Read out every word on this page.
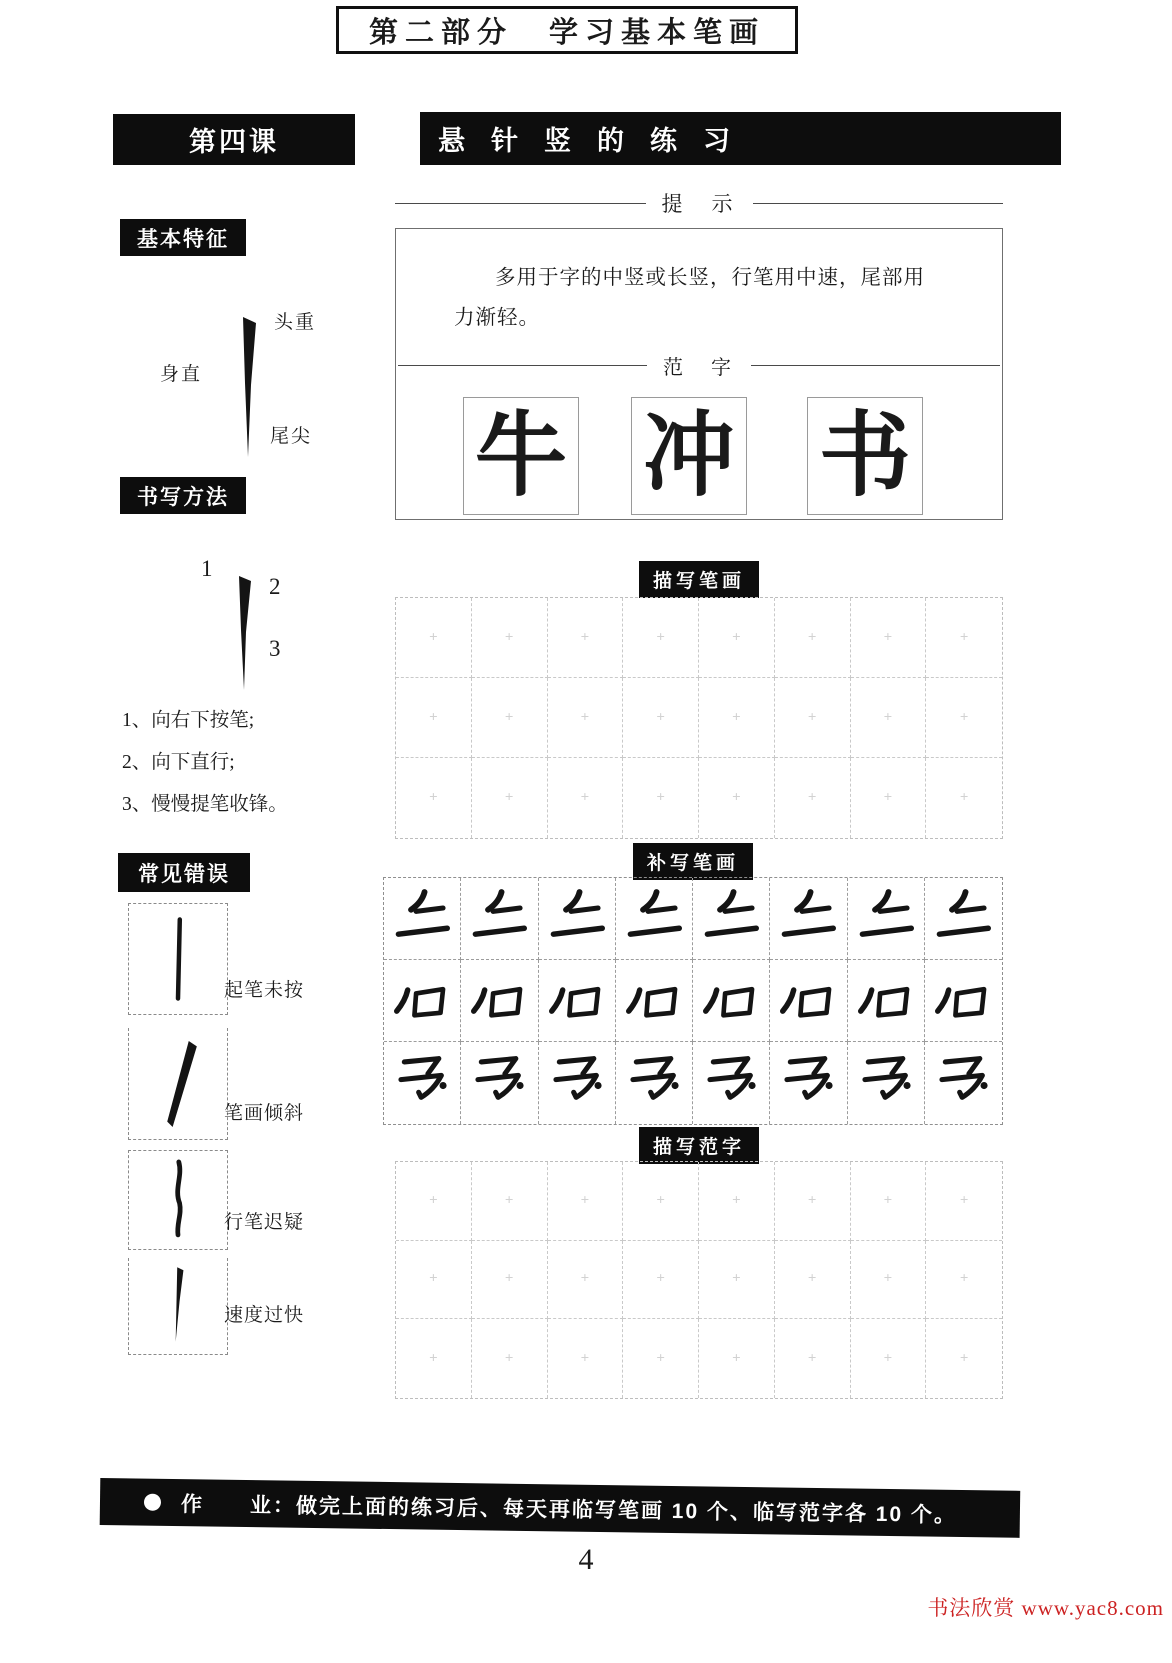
第二部分　学习基本笔画
第四课	悬针竖的练习
基本特征
头重
身直
尾尖
书写方法
1
2
3
1、向右下按笔;
2、向下直行;
3、慢慢提笔收锋。
常见错误
起笔未按
笔画倾斜
行笔迟疑
速度过快
提　示

多用于字的中竖或长竖，行笔用中速，尾部用力渐轻。

范　字
牛 冲 书
描写笔画
+
+
+
+
+
+
+
+
+
+
+
+
+
+
+
+
+
+
+
+
+
+
+
+
补写笔画
描写范字
+
+
+
+
+
+
+
+
+
+
+
+
+
+
+
+
+
+
+
+
+
+
+
+
作　　业：做完上面的练习后、每天再临写笔画 10 个、临写范字各 10 个。
4
书法欣赏 www.yac8.com
